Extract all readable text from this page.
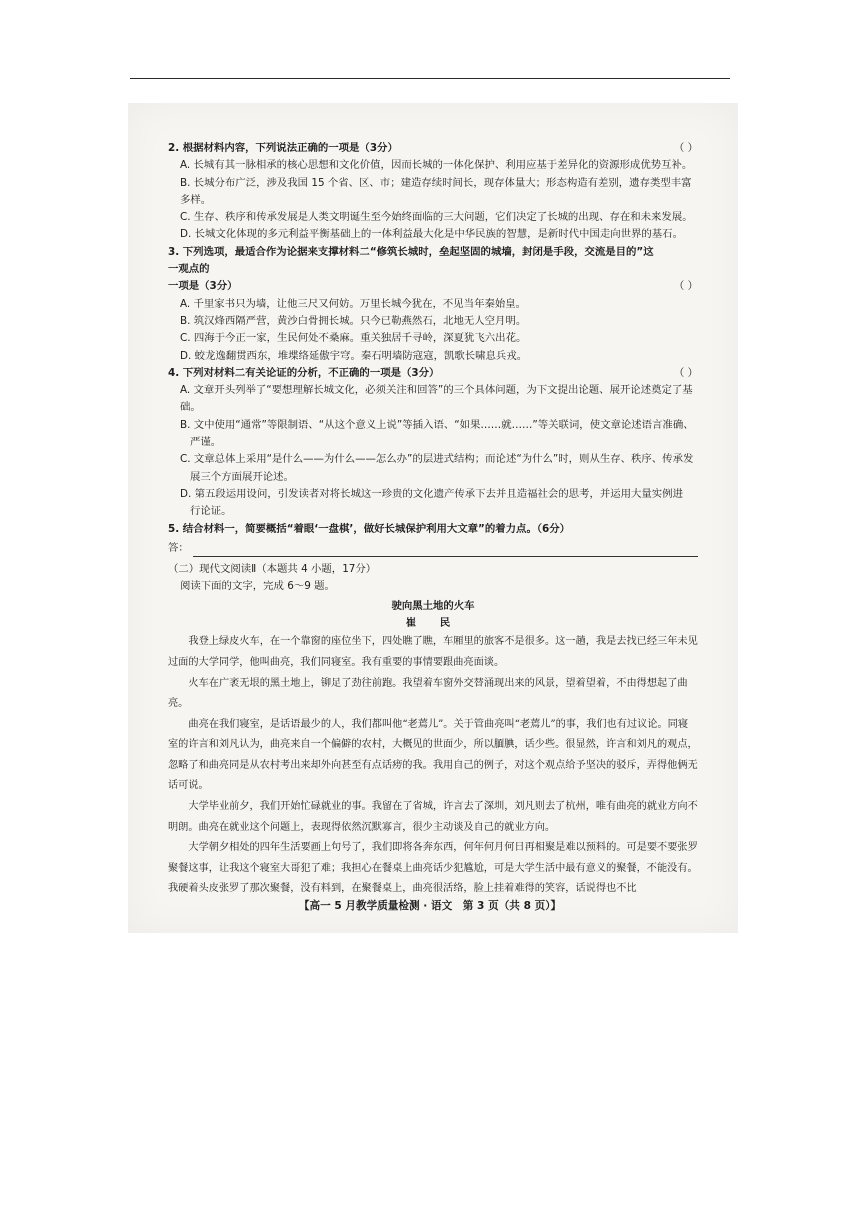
2. 根据材料内容，下列说法正确的一项是（3分）	（ ）
A. 长城有其一脉相承的核心思想和文化价值，因而长城的一体化保护、利用应基于差异化的资源形成优势互补。
B. 长城分布广泛，涉及我国 15 个省、区、市；建造存续时间长，现存体量大；形态构造有差别，遗存类型丰富多样。
C. 生存、秩序和传承发展是人类文明诞生至今始终面临的三大问题，它们决定了长城的出现、存在和未来发展。
D. 长城文化体现的多元利益平衡基础上的一体利益最大化是中华民族的智慧，是新时代中国走向世界的基石。
3. 下列选项，最适合作为论据来支撑材料二“修筑长城时，垒起坚固的城墙，封闭是手段，交流是目的”这一观点的
一项是（3分）	（ ）
A. 千里家书只为墙，让他三尺又何妨。万里长城今犹在，不见当年秦始皇。
B. 筑汉烽西隔严营，黄沙白骨拥长城。只今已勒燕然石，北地无人空月明。
C. 四海于今正一家，生民何处不桑麻。重关独居千寻岭，深夏犹飞六出花。
D. 蛟龙逸翻贯西东，堆堞络延傲宇穹。秦石明墙防寇寇，凯歌长啸息兵戎。
4. 下列对材料二有关论证的分析，不正确的一项是（3分）	（ ）
A. 文章开头列举了“要想理解长城文化，必须关注和回答”的三个具体问题，为下文提出论题、展开论述奠定了基础。
B. 文中使用“通常”等限制语、“从这个意义上说”等插入语、“如果……就……”等关联词，使文章论述语言准确、
严谨。
C. 文章总体上采用“是什么——为什么——怎么办”的层进式结构；而论述“为什么”时，则从生存、秩序、传承发
展三个方面展开论述。
D. 第五段运用设问，引发读者对将长城这一珍贵的文化遗产传承下去并且造福社会的思考，并运用大量实例进
行论证。
5. 结合材料一，简要概括“着眼‘一盘棋’，做好长城保护利用大文章”的着力点。（6分）
答：
（二）现代文阅读Ⅱ（本题共 4 小题，17分）
阅读下面的文字，完成 6～9 题。
驶向黑土地的火车
崔 民
我登上绿皮火车，在一个靠窗的座位坐下，四处瞧了瞧，车厢里的旅客不是很多。这一趟，我是去找已经三年未见过面的大学同学，他叫曲亮，我们同寝室。我有重要的事情要跟曲亮面谈。
火车在广袤无垠的黑土地上，铆足了劲往前跑。我望着车窗外交替涌现出来的风景，望着望着，不由得想起了曲亮。
曲亮在我们寝室，是话语最少的人，我们都叫他“老蔫儿”。关于管曲亮叫“老蔫儿”的事，我们也有过议论。同寝室的许言和刘凡认为，曲亮来自一个偏僻的农村，大概见的世面少，所以腼腆，话少些。很显然，许言和刘凡的观点，忽略了和曲亮同是从农村考出来却外向甚至有点话痨的我。我用自己的例子，对这个观点给予坚决的驳斥，弄得他俩无话可说。
大学毕业前夕，我们开始忙碌就业的事。我留在了省城，许言去了深圳，刘凡则去了杭州，唯有曲亮的就业方向不明朗。曲亮在就业这个问题上，表现得依然沉默寡言，很少主动谈及自己的就业方向。
大学朝夕相处的四年生活要画上句号了，我们即将各奔东西，何年何月何日再相聚是难以预料的。可是要不要张罗聚餐这事，让我这个寝室大哥犯了难；我担心在餐桌上曲亮话少犯尴尬，可是大学生活中最有意义的聚餐，不能没有。我硬着头皮张罗了那次聚餐，没有料到，在聚餐桌上，曲亮很活络，脸上挂着难得的笑容，话说得也不比
【高一 5 月教学质量检测 · 语文　第 3 页（共 8 页）】
